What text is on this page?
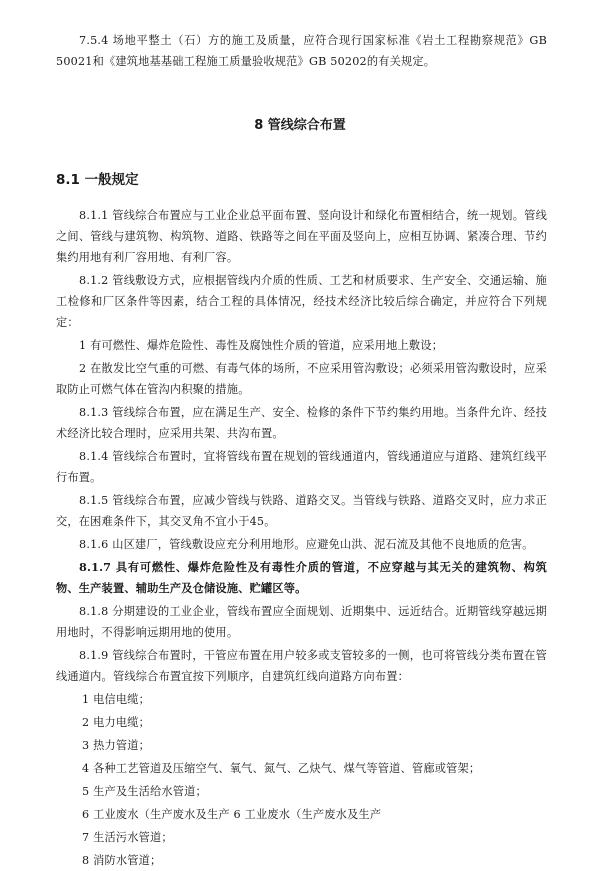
7.5.4 场地平整土（石）方的施工及质量，应符合现行国家标准《岩土工程勘察规范》GB 50021和《建筑地基基础工程施工质量验收规范》GB 50202的有关规定。

8 管线综合布置
8.1 一般规定

8.1.1 管线综合布置应与工业企业总平面布置、竖向设计和绿化布置相结合，统一规划。管线之间、管线与建筑物、构筑物、道路、铁路等之间在平面及竖向上，应相互协调、紧凑合理、节约集约用地有利厂容用地、有利厂容。

8.1.2 管线敷设方式，应根据管线内介质的性质、工艺和材质要求、生产安全、交通运输、施工检修和厂区条件等因素，结合工程的具体情况，经技术经济比较后综合确定，并应符合下列规定：

1 有可燃性、爆炸危险性、毒性及腐蚀性介质的管道，应采用地上敷设；

2 在散发比空气重的可燃、有毒气体的场所，不应采用管沟敷设；必须采用管沟敷设时，应采取防止可燃气体在管沟内积聚的措施。

8.1.3 管线综合布置，应在满足生产、安全、检修的条件下节约集约用地。当条件允许、经技术经济比较合理时，应采用共架、共沟布置。

8.1.4 管线综合布置时，宜将管线布置在规划的管线通道内，管线通道应与道路、建筑红线平行布置。

8.1.5 管线综合布置，应减少管线与铁路、道路交叉。当管线与铁路、道路交叉时，应力求正交，在困难条件下，其交叉角不宜小于45。

8.1.6 山区建厂，管线敷设应充分利用地形。应避免山洪、泥石流及其他不良地质的危害。

8.1.7 具有可燃性、爆炸危险性及有毒性介质的管道，不应穿越与其无关的建筑物、构筑物、生产装置、辅助生产及仓储设施、贮罐区等。

8.1.8 分期建设的工业企业，管线布置应全面规划、近期集中、远近结合。近期管线穿越远期用地时，不得影响远期用地的使用。

8.1.9 管线综合布置时，干管应布置在用户较多或支管较多的一侧，也可将管线分类布置在管线通道内。管线综合布置宜按下列顺序，自建筑红线向道路方向布置：

1 电信电缆；

2 电力电缆；

3 热力管道；

4 各种工艺管道及压缩空气、氧气、氮气、乙炔气、煤气等管道、管廊或管架；

5 生产及生活给水管道；

6 工业废水（生产废水及生产 6 工业废水（生产废水及生产

7 生活污水管道；

8 消防水管道；
